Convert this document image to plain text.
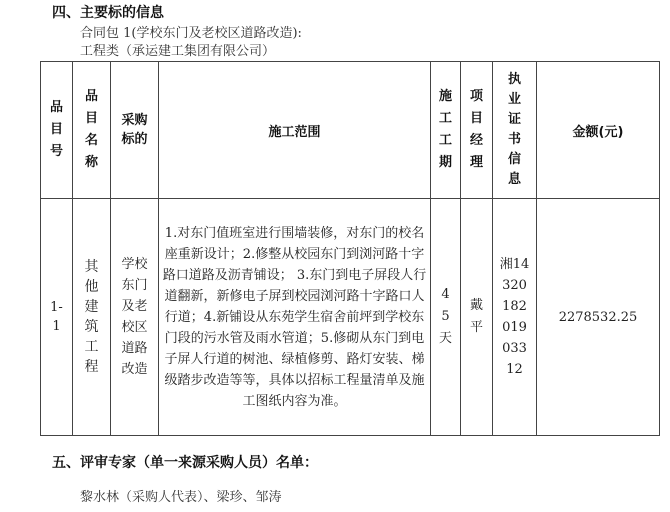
四、主要标的信息
合同包 1(学校东门及老校区道路改造):
工程类（承运建工集团有限公司）
品目号	品目名称	采购标的	施工范围	施工工期	项目经理	执业证书信息	金额(元)
1-1	其他建筑工程	学校东门及老校区道路改造	1.对东门值班室进行围墙装修，对东门的校名座重新设计；2.修整从校园东门到浏河路十字路口道路及沥青铺设； 3.东门到电子屏段人行道翻新，新修电子屏到校园浏河路十字路口人行道；4.新铺设从东苑学生宿舍前坪到学校东门段的污水管及雨水管道；5.修砌从东门到电子屏人行道的树池、绿植修剪、路灯安装、梯级踏步改造等等，具体以招标工程量清单及施工图纸内容为准。	45天	戴平	湘1432018201903312	2278532.25
五、评审专家（单一来源采购人员）名单：
黎水林（采购人代表）、梁珍、邹涛
